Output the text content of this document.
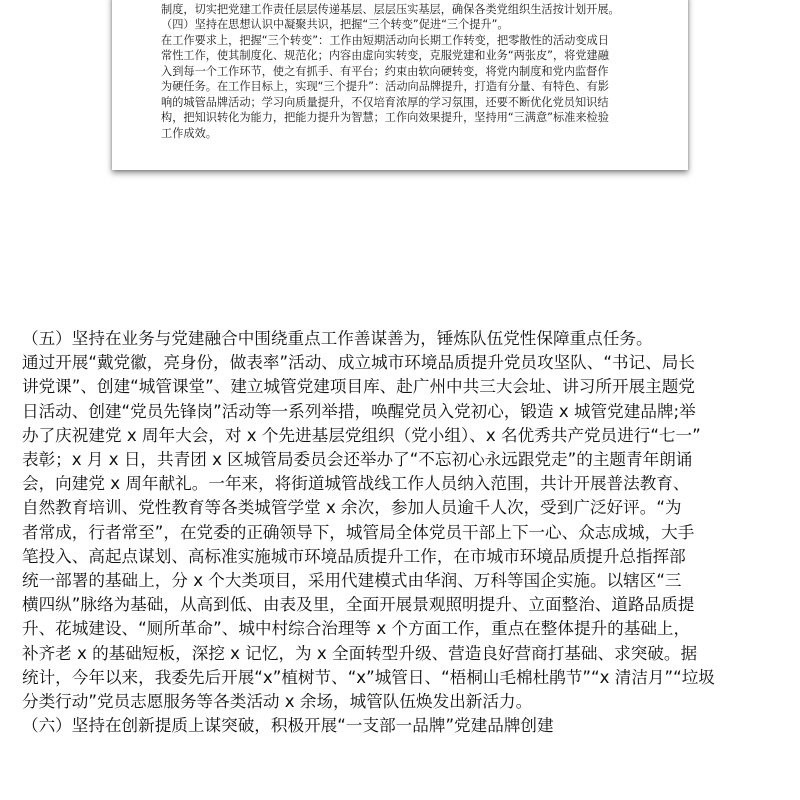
制度，切实把党建工作责任层层传递基层、层层压实基层，确保各类党组织生活按计划开展。

（四）坚持在思想认识中凝聚共识，把握“三个转变”促进“三个提升”。

在工作要求上，把握“三个转变”：工作由短期活动向长期工作转变，把零散性的活动变成日

常性工作，使其制度化、规范化；内容由虚向实转变，克服党建和业务“两张皮”，将党建融

入到每一个工作环节，使之有抓手、有平台；约束由软向硬转变，将党内制度和党内监督作

为硬任务。在工作目标上，实现“三个提升”：活动向品牌提升，打造有分量、有特色、有影

响的城管品牌活动；学习向质量提升，不仅培育浓厚的学习氛围，还要不断优化党员知识结

构，把知识转化为能力，把能力提升为智慧；工作向效果提升，坚持用“三满意”标准来检验

工作成效。

（五）坚持在业务与党建融合中围绕重点工作善谋善为，锤炼队伍党性保障重点任务。

通过开展“戴党徽，亮身份，做表率”活动、成立城市环境品质提升党员攻坚队、“书记、局长

讲党课”、创建“城管课堂”、建立城管党建项目库、赴广州中共三大会址、讲习所开展主题党

日活动、创建“党员先锋岗”活动等一系列举措，唤醒党员入党初心，锻造 x 城管党建品牌;举

办了庆祝建党 x 周年大会，对 x 个先进基层党组织（党小组）、x 名优秀共产党员进行“七一”

表彰；x 月 x 日，共青团 x 区城管局委员会还举办了“不忘初心永远跟党走”的主题青年朗诵

会，向建党 x 周年献礼。一年来，将街道城管战线工作人员纳入范围，共计开展普法教育、

自然教育培训、党性教育等各类城管学堂 x 余次，参加人员逾千人次，受到广泛好评。“为

者常成，行者常至”，在党委的正确领导下，城管局全体党员干部上下一心、众志成城，大手

笔投入、高起点谋划、高标准实施城市环境品质提升工作，在市城市环境品质提升总指挥部

统一部署的基础上，分 x 个大类项目，采用代建模式由华润、万科等国企实施。以辖区“三

横四纵”脉络为基础，从高到低、由表及里，全面开展景观照明提升、立面整治、道路品质提

升、花城建设、“厕所革命”、城中村综合治理等 x 个方面工作，重点在整体提升的基础上，

补齐老 x 的基础短板，深挖 x 记忆，为 x 全面转型升级、营造良好营商打基础、求突破。据

统计，今年以来，我委先后开展“x”植树节、“x”城管日、“梧桐山毛棉杜鹃节”“x 清洁月”“垃圾

分类行动”党员志愿服务等各类活动 x 余场，城管队伍焕发出新活力。

（六）坚持在创新提质上谋突破，积极开展“一支部一品牌”党建品牌创建
